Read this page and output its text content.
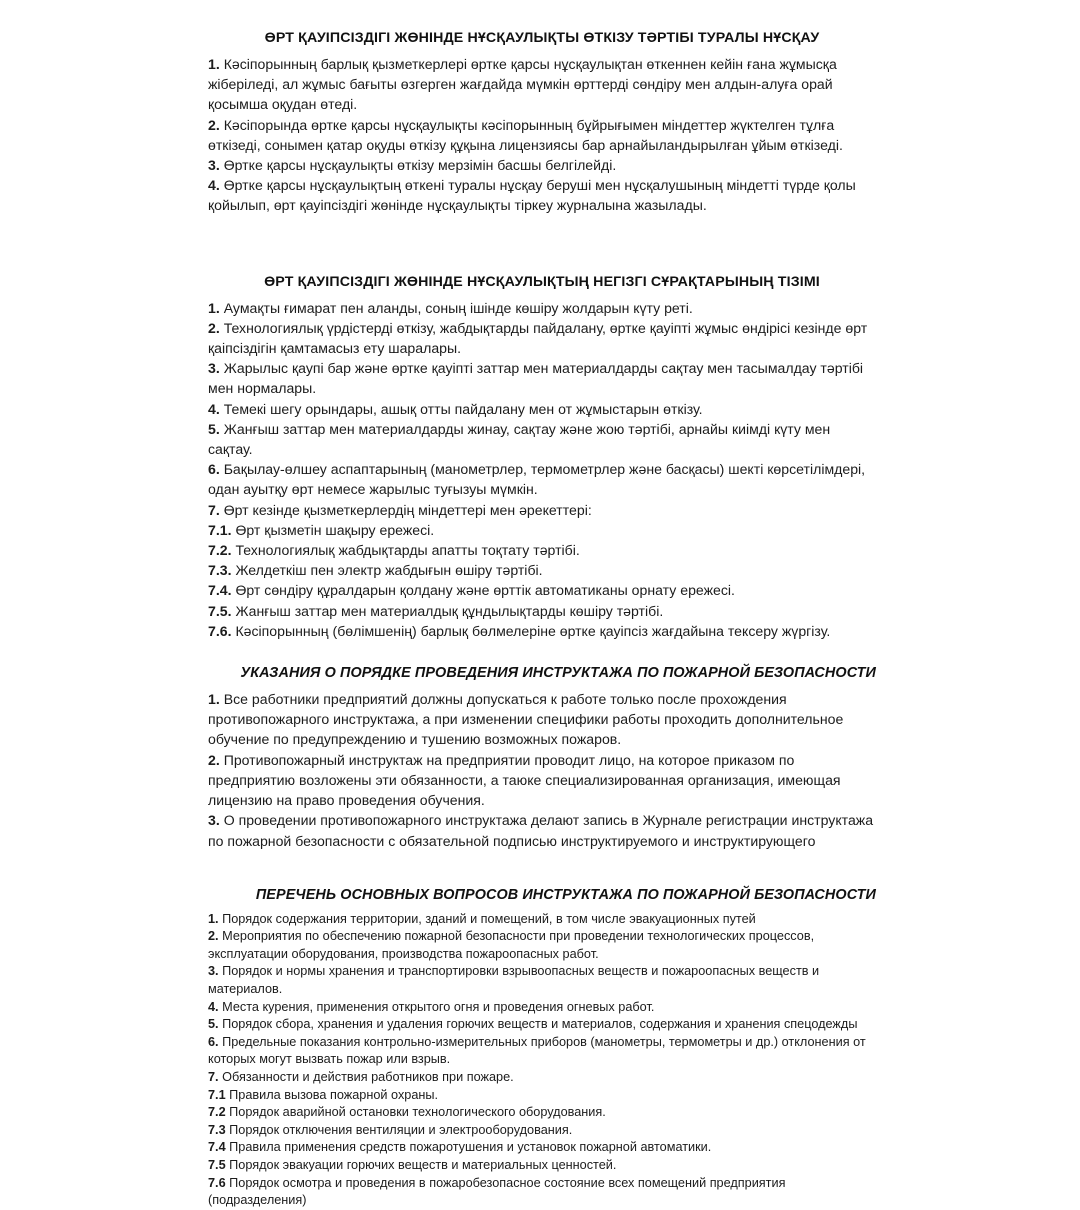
ӨРТ ҚАУІПСІЗДІГІ ЖӨНІНДЕ НҰСҚАУЛЫҚТЫ ӨТКІЗУ ТӘРТІБІ ТУРАЛЫ НҰСҚАУ

1. Кәсіпорынның барлық қызметкерлері өртке қарсы нұсқаулықтан өткеннен кейін ғана жұмысқа жіберіледі, ал жұмыс бағыты өзгерген жағдайда мүмкін өрттерді сөндіру мен алдын-алуға орай қосымша оқудан өтеді.

2. Кәсіпорында өртке қарсы нұсқаулықты кәсіпорынның бұйрығымен міндеттер жүктелген тұлға өткізеді, сонымен қатар оқуды өткізу құқына лицензиясы бар арнайыландырылған ұйым өткізеді.

3. Өртке қарсы нұсқаулықты өткізу мерзімін басшы белгілейді.

4. Өртке қарсы нұсқаулықтың өткені туралы нұсқау беруші мен нұсқалушының міндетті түрде қолы қойылып, өрт қауіпсіздігі жөнінде нұсқаулықты тіркеу журналына жазылады.

ӨРТ ҚАУІПСІЗДІГІ ЖӨНІНДЕ НҰСҚАУЛЫҚТЫҢ НЕГІЗГІ СҰРАҚТАРЫНЫҢ ТІЗІМІ

1. Аумақты ғимарат пен аланды, соның ішінде көшіру жолдарын күту реті.

2. Технологиялық үрдістерді өткізу, жабдықтарды пайдалану, өртке қауіпті жұмыс өндірісі кезінде өрт қаіпсіздігін қамтамасыз ету шаралары.

3. Жарылыс қаупі бар және өртке қауіпті заттар мен материалдарды сақтау мен тасымалдау тәртібі мен нормалары.

4. Темекі шегу орындары, ашық отты пайдалану мен от жұмыстарын өткізу.

5. Жанғыш заттар мен материалдарды жинау, сақтау және жою тәртібі, арнайы киімді күту мен сақтау.

6. Бақылау-өлшеу аспаптарының (манометрлер, термометрлер және басқасы) шекті көрсетілімдері, одан ауытқу өрт немесе жарылыс туғызуы мүмкін.

7. Өрт кезінде қызметкерлердің міндеттері мен әрекеттері:

7.1. Өрт қызметін шақыру ережесі.

7.2. Технологиялық жабдықтарды апатты тоқтату тәртібі.

7.3. Желдеткіш пен электр жабдығын өшіру тәртібі.

7.4. Өрт сөндіру құралдарын қолдану және өрттік автоматиканы орнату ережесі.

7.5. Жанғыш заттар мен материалдық құндылықтарды көшіру тәртібі.

7.6. Кәсіпорынның (бөлімшенің) барлық бөлмелеріне өртке қауіпсіз жағдайына тексеру жүргізу.

УКАЗАНИЯ О ПОРЯДКЕ ПРОВЕДЕНИЯ ИНСТРУКТАЖА ПО ПОЖАРНОЙ БЕЗОПАСНОСТИ

1. Все работники предприятий должны допускаться к работе только после прохождения противопожарного инструктажа, а при изменении специфики работы проходить дополнительное обучение по предупреждению и тушению возможных пожаров.

2. Противопожарный инструктаж на предприятии проводит лицо, на которое приказом по предприятию возложены эти обязанности, а таюке специализированная организация, имеющая лицензию на право проведения обучения.

3. О проведении противопожарного инструктажа делают запись в Журнале регистрации инструктажа по пожарной безопасности с обязательной подписью инструктируемого и инструктирующего

ПЕРЕЧЕНЬ ОСНОВНЫХ ВОПРОСОВ ИНСТРУКТАЖА ПО ПОЖАРНОЙ БЕЗОПАСНОСТИ

1. Порядок содержания территории, зданий и помещений, в том числе эвакуационных путей

2. Мероприятия по обеспечению пожарной безопасности при проведении технологических процессов, эксплуатации оборудования, производства пожароопасных работ.

3. Порядок и нормы хранения и транспортировки взрывоопасных веществ и пожароопасных веществ и материалов.

4. Места курения, применения открытого огня и проведения огневых работ.

5. Порядок сбора, хранения и удаления горючих веществ и материалов, содержания и хранения спецодежды

6. Предельные показания контрольно-измерительных приборов (манометры, термометры и др.) отклонения от которых могут вызвать пожар или взрыв.

7. Обязанности и действия работников при пожаре.

7.1 Правила вызова пожарной охраны.

7.2 Порядок аварийной остановки технологического оборудования.

7.3 Порядок отключения вентиляции и электрооборудования.

7.4 Правила применения средств пожаротушения и установок пожарной автоматики.

7.5 Порядок эвакуации горючих веществ и материальных ценностей.

7.6 Порядок осмотра и проведения в пожаробезопасное состояние всех помещений предприятия (подразделения)
